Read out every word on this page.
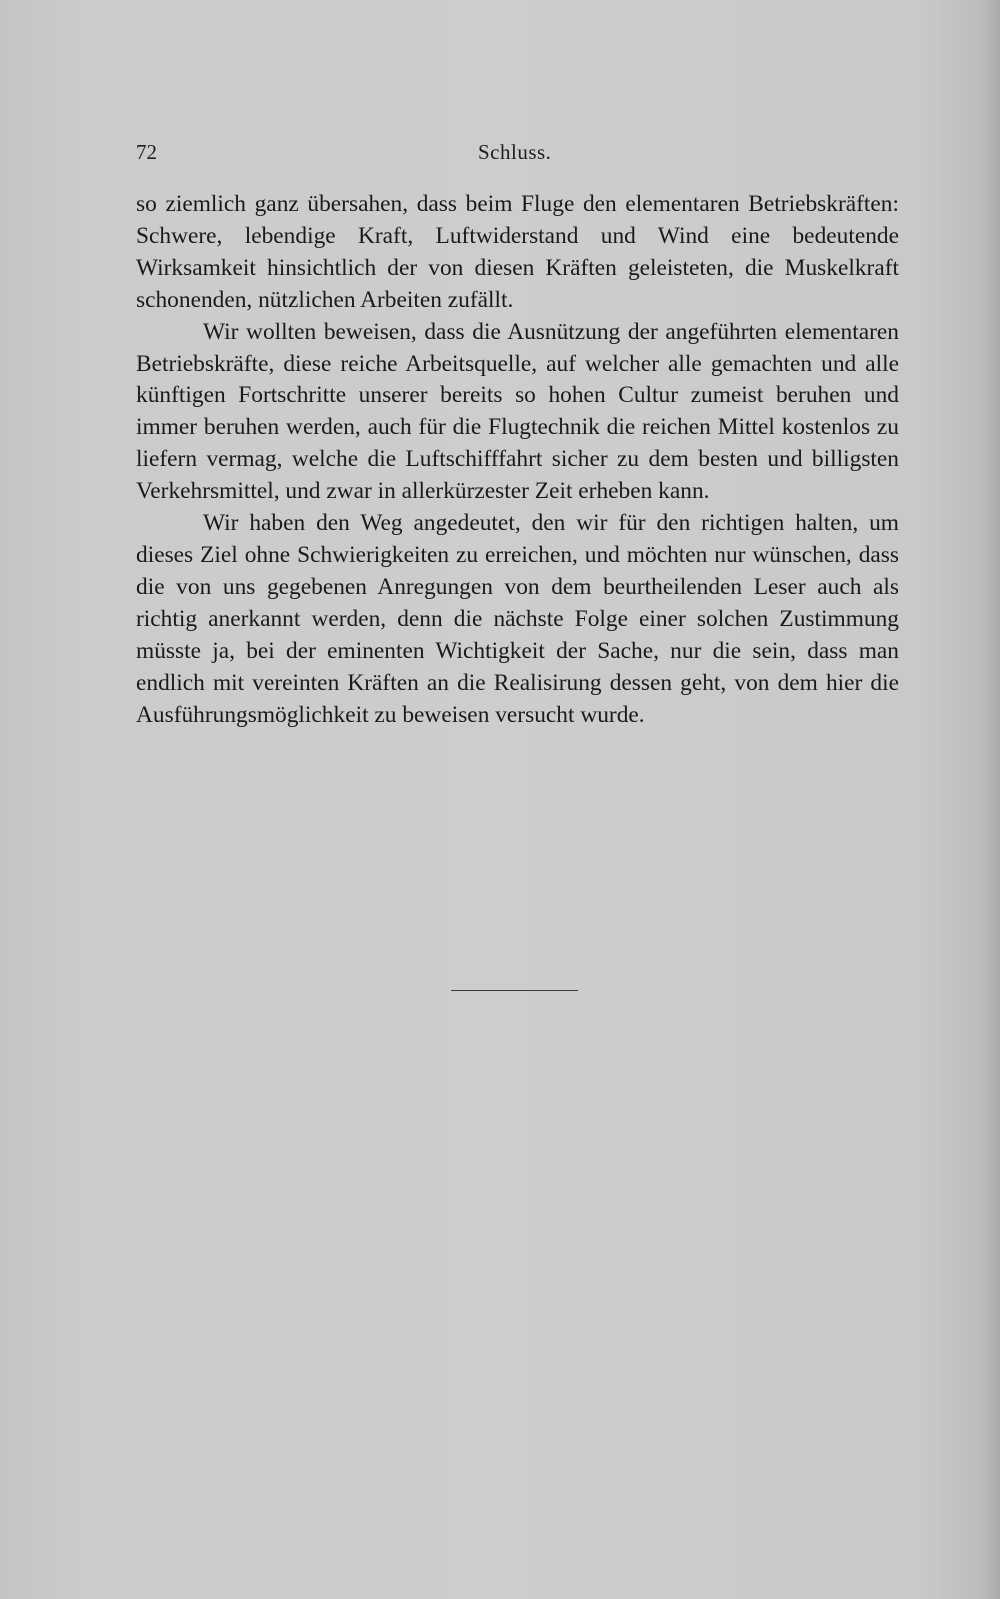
72	Schluss.

so ziemlich ganz übersahen, dass beim Fluge den elementaren Betriebskräften: Schwere, lebendige Kraft, Luftwiderstand und Wind eine bedeutende Wirksamkeit hinsichtlich der von diesen Kräften geleisteten, die Muskelkraft schonenden, nützlichen Arbeiten zufällt.

Wir wollten beweisen, dass die Ausnützung der angeführten elementaren Betriebskräfte, diese reiche Arbeitsquelle, auf welcher alle gemachten und alle künftigen Fortschritte unserer bereits so hohen Cultur zumeist beruhen und immer beruhen werden, auch für die Flugtechnik die reichen Mittel kostenlos zu liefern vermag, welche die Luftschifffahrt sicher zu dem besten und billigsten Verkehrsmittel, und zwar in allerkürzester Zeit erheben kann.

Wir haben den Weg angedeutet, den wir für den richtigen halten, um dieses Ziel ohne Schwierigkeiten zu erreichen, und möchten nur wünschen, dass die von uns gegebenen Anregungen von dem beurtheilenden Leser auch als richtig anerkannt werden, denn die nächste Folge einer solchen Zustimmung müsste ja, bei der eminenten Wichtigkeit der Sache, nur die sein, dass man endlich mit vereinten Kräften an die Realisirung dessen geht, von dem hier die Ausführungsmöglichkeit zu beweisen versucht wurde.
